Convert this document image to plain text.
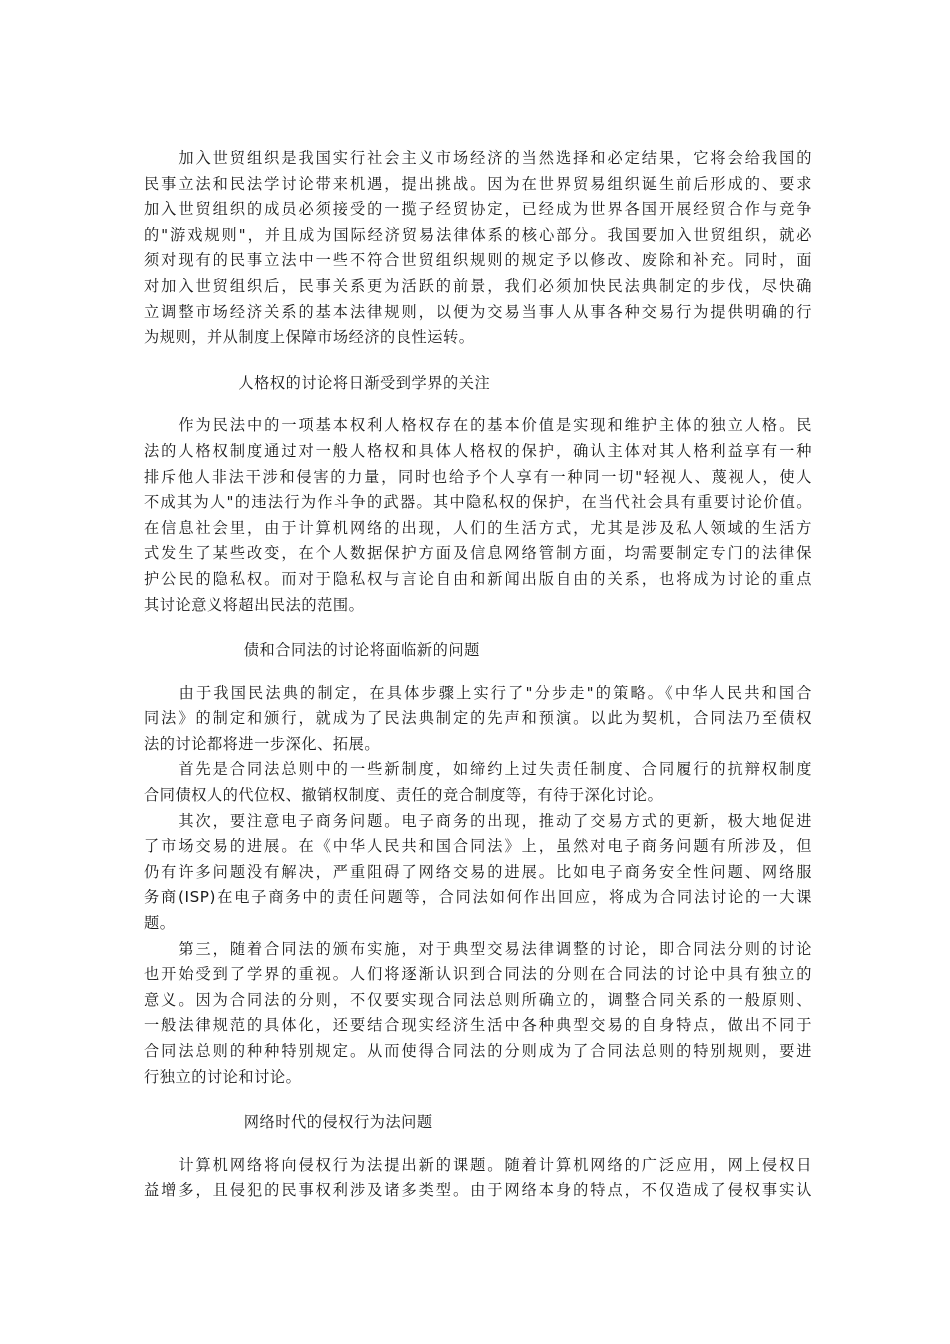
　　加入世贸组织是我国实行社会主义市场经济的当然选择和必定结果，它将会给我国的
民事立法和民法学讨论带来机遇，提出挑战。因为在世界贸易组织诞生前后形成的、要求
加入世贸组织的成员必须接受的一揽子经贸协定，已经成为世界各国开展经贸合作与竞争
的"游戏规则"，并且成为国际经济贸易法律体系的核心部分。我国要加入世贸组织，就必
须对现有的民事立法中一些不符合世贸组织规则的规定予以修改、废除和补充。同时，面
对加入世贸组织后，民事关系更为活跃的前景，我们必须加快民法典制定的步伐，尽快确
立调整市场经济关系的基本法律规则，以便为交易当事人从事各种交易行为提供明确的行
为规则，并从制度上保障市场经济的良性运转。
　　　　　　人格权的讨论将日渐受到学界的关注
　　作为民法中的一项基本权利人格权存在的基本价值是实现和维护主体的独立人格。民
法的人格权制度通过对一般人格权和具体人格权的保护，确认主体对其人格利益享有一种
排斥他人非法干涉和侵害的力量，同时也给予个人享有一种同一切"轻视人、蔑视人，使人
不成其为人"的违法行为作斗争的武器。其中隐私权的保护，在当代社会具有重要讨论价值。
在信息社会里，由于计算机网络的出现，人们的生活方式，尤其是涉及私人领域的生活方
式发生了某些改变，在个人数据保护方面及信息网络管制方面，均需要制定专门的法律保
护公民的隐私权。而对于隐私权与言论自由和新闻出版自由的关系，也将成为讨论的重点
其讨论意义将超出民法的范围。
　　　　　　 债和合同法的讨论将面临新的问题
　　由于我国民法典的制定，在具体步骤上实行了"分步走"的策略。《中华人民共和国合
同法》的制定和颁行，就成为了民法典制定的先声和预演。以此为契机，合同法乃至债权
法的讨论都将进一步深化、拓展。
　　首先是合同法总则中的一些新制度，如缔约上过失责任制度、合同履行的抗辩权制度
合同债权人的代位权、撤销权制度、责任的竞合制度等，有待于深化讨论。
　　其次，要注意电子商务问题。电子商务的出现，推动了交易方式的更新，极大地促进
了市场交易的进展。在《中华人民共和国合同法》上，虽然对电子商务问题有所涉及，但
仍有许多问题没有解决，严重阻碍了网络交易的进展。比如电子商务安全性问题、网络服
务商(ISP)在电子商务中的责任问题等，合同法如何作出回应，将成为合同法讨论的一大课
题。
　　第三，随着合同法的颁布实施，对于典型交易法律调整的讨论，即合同法分则的讨论
也开始受到了学界的重视。人们将逐渐认识到合同法的分则在合同法的讨论中具有独立的
意义。因为合同法的分则，不仅要实现合同法总则所确立的，调整合同关系的一般原则、
一般法律规范的具体化，还要结合现实经济生活中各种典型交易的自身特点，做出不同于
合同法总则的种种特别规定。从而使得合同法的分则成为了合同法总则的特别规则，要进
行独立的讨论和讨论。
　　　　　　 网络时代的侵权行为法问题
　　计算机网络将向侵权行为法提出新的课题。随着计算机网络的广泛应用，网上侵权日
益增多，且侵犯的民事权利涉及诸多类型。由于网络本身的特点，不仅造成了侵权事实认
